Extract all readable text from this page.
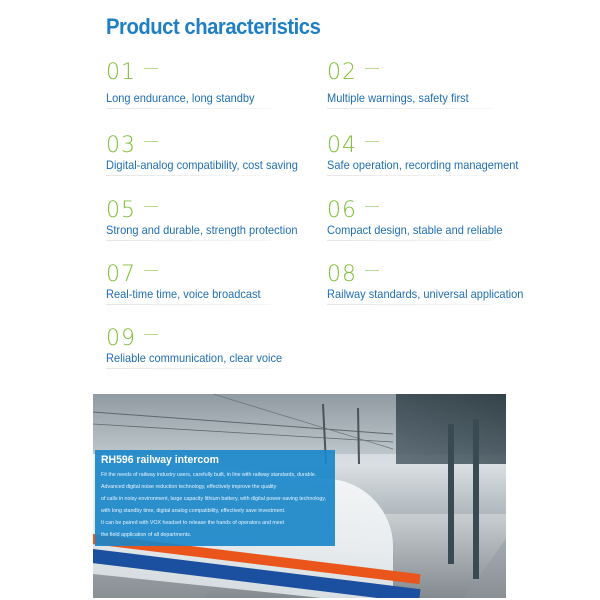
Product characteristics
01
Long endurance, long standby
02
Multiple warnings, safety first
03
Digital-analog compatibility, cost saving
04
Safe operation, recording management
05
Strong and durable, strength protection
06
Compact design, stable and reliable
07
Real-time time, voice broadcast
08
Railway standards, universal application
09
Reliable communication, clear voice
RH596 railway intercom
Fit the needs of railway industry users, carefully built, in line with railway standards, durable.
Advanced digital noise reduction technology, effectively improve the quality
of calls in noisy environment, large capacity lithium battery, with digital power-saving technology,
with long standby time, digital analog compatibility, effectively save investment.
It can be paired with VOX headset to release the hands of operators and meet
the field application of all departments.
